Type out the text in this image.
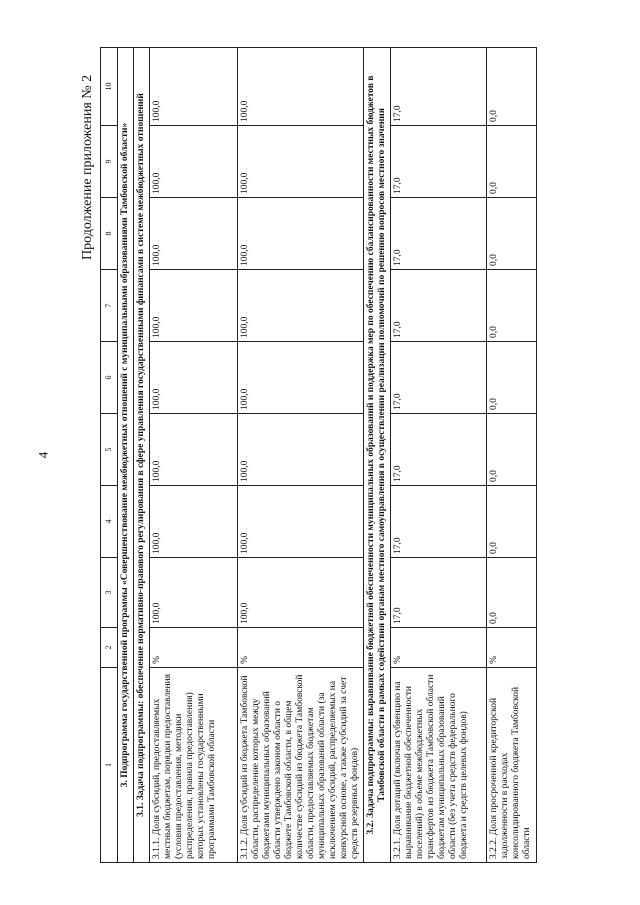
4
Продолжение приложения № 2
1	2	3	4	5	6	7	8	9	10
3. Подпрограмма государственной программы «Совершенствование межбюджетных отношений с муниципальными образованиями Тамбовской области»									
3.1. Задача подпрограммы: обеспечение нормативно-правового регулирования в сфере управления государственными финансами в системе межбюджетных отношений									
3.1.1. Доля субсидий, предоставляемых местным бюджетам, порядки предоставления (условия предоставления, методики распределения, правила предоставления) которых установлены государственными программами Тамбовской области	%	100,0	100,0	100,0	100,0	100,0	100,0	100,0	100,0
3.1.2. Доля субсидий из бюджета Тамбовской области, распределение которых между бюджетами муниципальных образований области утверждено законом области о бюджете Тамбовской области, в общем количестве субсидий из бюджета Тамбовской области, предоставляемых бюджетам муниципальных образований области (за исключением субсидий, распределяемых на конкурсной основе, а также субсидий за счет средств резервных фондов)	%	100,0	100,0	100,0	100,0	100,0	100,0	100,0	100,0
3.2. Задача подпрограммы: выравнивание бюджетной обеспеченности муниципальных образований и поддержка мер по обеспечению сбалансированности местных бюджетов в Тамбовской области в рамках содействия органам местного самоуправления в осуществлении реализации полномочий по решению вопросов местного значения									
3.2.1. Доля дотаций (включая субвенцию на выравнивание бюджетной обеспеченности поселений) в объеме межбюджетных трансфертов из бюджета Тамбовской области бюджетам муниципальных образований области (без учета средств федерального бюджета и средств целевых фондов)	%	17,0	17,0	17,0	17,0	17,0	17,0	17,0	17,0
3.2.2. Доля просроченной кредиторской задолженности в расходах консолидированного бюджета Тамбовской области	%	0,0	0,0	0,0	0,0	0,0	0,0	0,0	0,0
